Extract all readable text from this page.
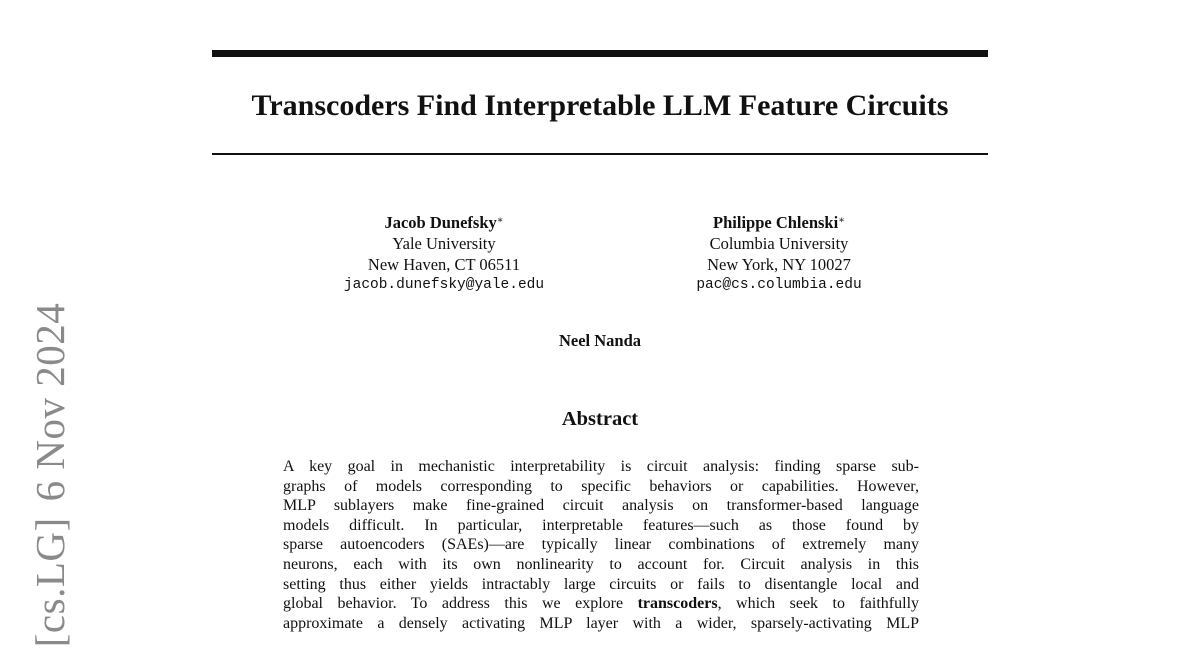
[cs.LG]6 Nov 2024
Transcoders Find Interpretable LLM Feature Circuits
Jacob Dunefsky∗
Yale University
New Haven, CT 06511
jacob.dunefsky@yale.edu
Philippe Chlenski∗
Columbia University
New York, NY 10027
pac@cs.columbia.edu
Neel Nanda
Abstract
A key goal in mechanistic interpretability is circuit analysis: finding sparse sub-
graphs of models corresponding to specific behaviors or capabilities. However,
MLP sublayers make fine-grained circuit analysis on transformer-based language
models difficult. In particular, interpretable features—such as those found by
sparse autoencoders (SAEs)—are typically linear combinations of extremely many
neurons, each with its own nonlinearity to account for. Circuit analysis in this
setting thus either yields intractably large circuits or fails to disentangle local and
global behavior. To address this we explore transcoders, which seek to faithfully
approximate a densely activating MLP layer with a wider, sparsely-activating MLP
